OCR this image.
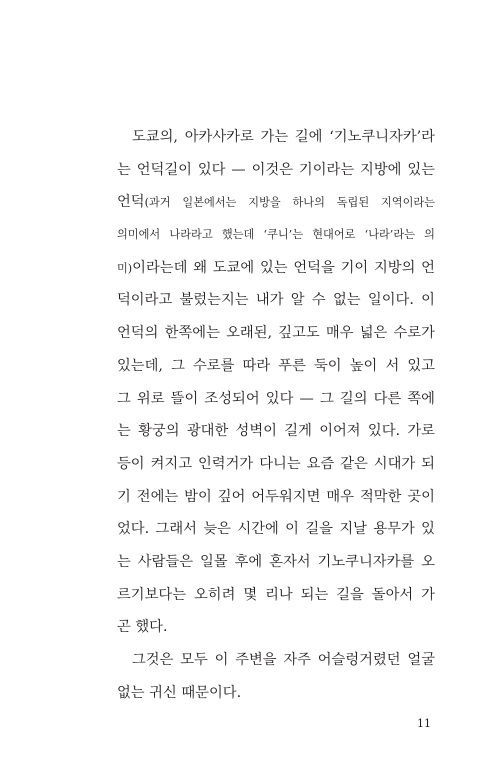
도쿄의, 아카사카로 가는 길에 ‘기노쿠니자카’라
는 언덕길이 있다 — 이것은 기이라는 지방에 있는
언덕(과거 일본에서는 지방을 하나의 독립된 지역이라는
의미에서 나라라고 했는데 ‘쿠니’는 현대어로 ‘나라’라는 의
미)이라는데 왜 도쿄에 있는 언덕을 기이 지방의 언
덕이라고 불렀는지는 내가 알 수 없는 일이다. 이
언덕의 한쪽에는 오래된, 깊고도 매우 넓은 수로가
있는데, 그 수로를 따라 푸른 둑이 높이 서 있고
그 위로 뜰이 조성되어 있다 — 그 길의 다른 쪽에
는 황궁의 광대한 성벽이 길게 이어져 있다. 가로
등이 켜지고 인력거가 다니는 요즘 같은 시대가 되
기 전에는 밤이 깊어 어두워지면 매우 적막한 곳이
었다. 그래서 늦은 시간에 이 길을 지날 용무가 있
는 사람들은 일몰 후에 혼자서 기노쿠니자카를 오
르기보다는 오히려 몇 리나 되는 길을 돌아서 가
곤 했다.
그것은 모두 이 주변을 자주 어슬렁거렸던 얼굴
없는 귀신 때문이다.
11
